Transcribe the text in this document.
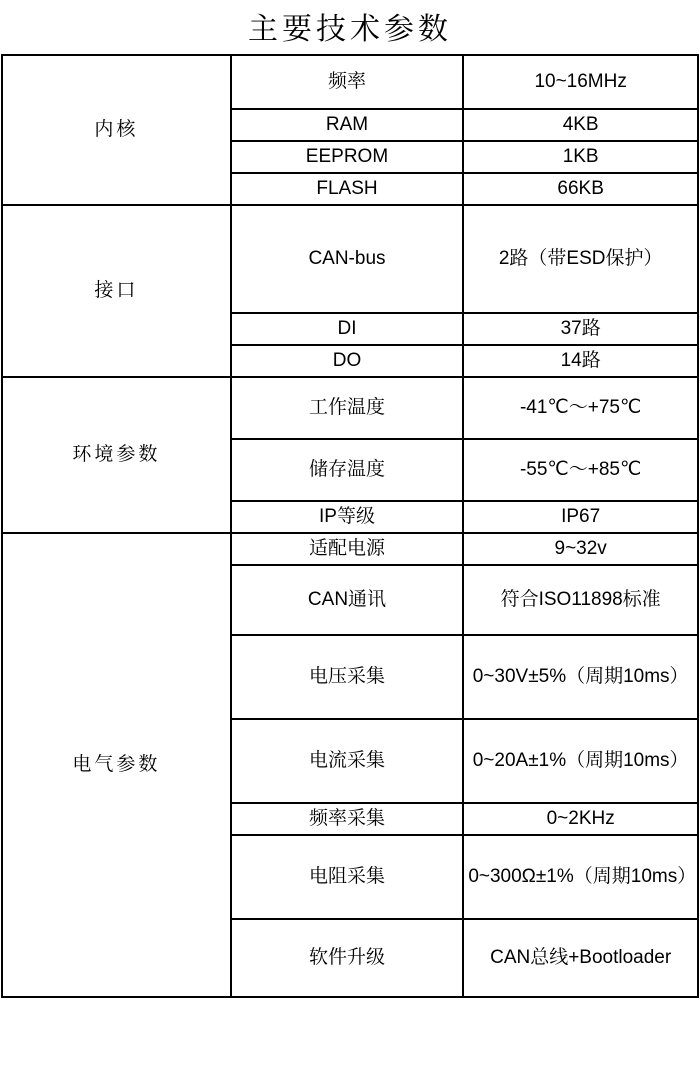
主要技术参数
内核	频率	10~16MHz
	RAM	4KB
	EEPROM	1KB
	FLASH	66KB
接口	CAN-bus	2路（带ESD保护）
	DI	37路
	DO	14路
环境参数	工作温度	-41℃～+75℃
	储存温度	-55℃～+85℃
	IP等级	IP67
电气参数	适配电源	9~32v
	CAN通讯	符合ISO11898标准
	电压采集	0~30V±5%（周期10ms）
	电流采集	0~20A±1%（周期10ms）
	频率采集	0~2KHz
	电阻采集	0~300Ω±1%（周期10ms）
	软件升级	CAN总线+Bootloader
